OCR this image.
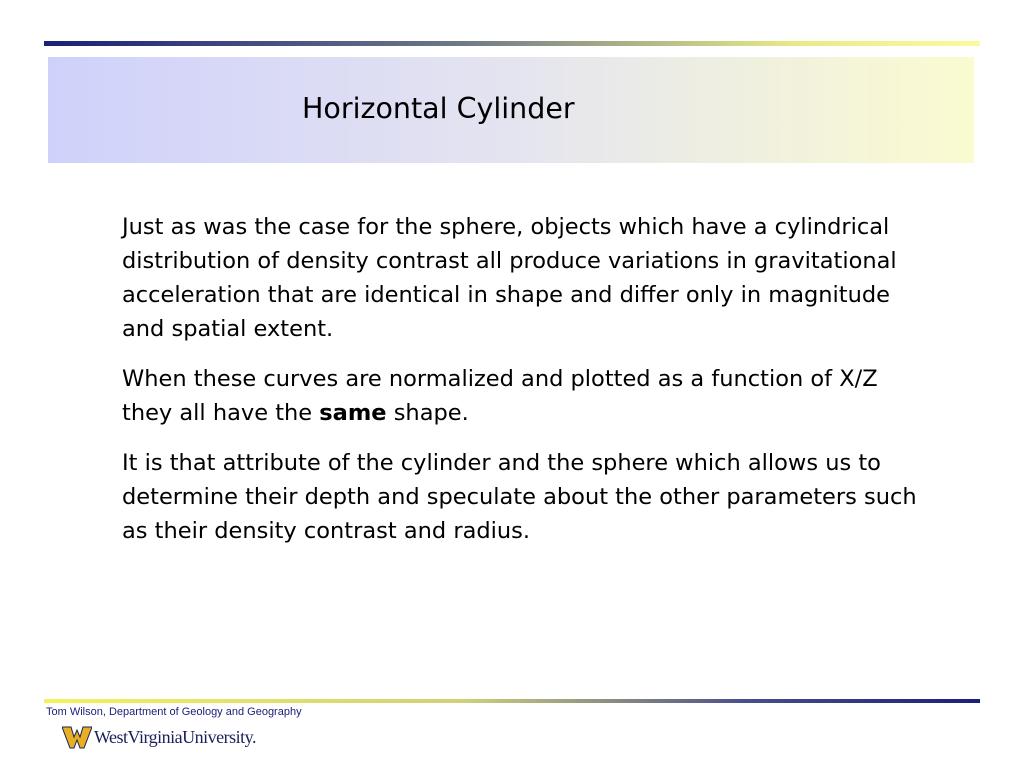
Horizontal Cylinder

Just as was the case for the sphere, objects which have a cylindrical distribution of density contrast all produce variations in gravitational acceleration that are identical in shape and differ only in magnitude and spatial extent.

When these curves are normalized and plotted as a function of X/Z they all have the same shape.

It is that attribute of the cylinder and the sphere which allows us to determine their depth and speculate about the other parameters such as their density contrast and radius.

Tom Wilson, Department of Geology and Geography
WestVirginiaUniversity.
